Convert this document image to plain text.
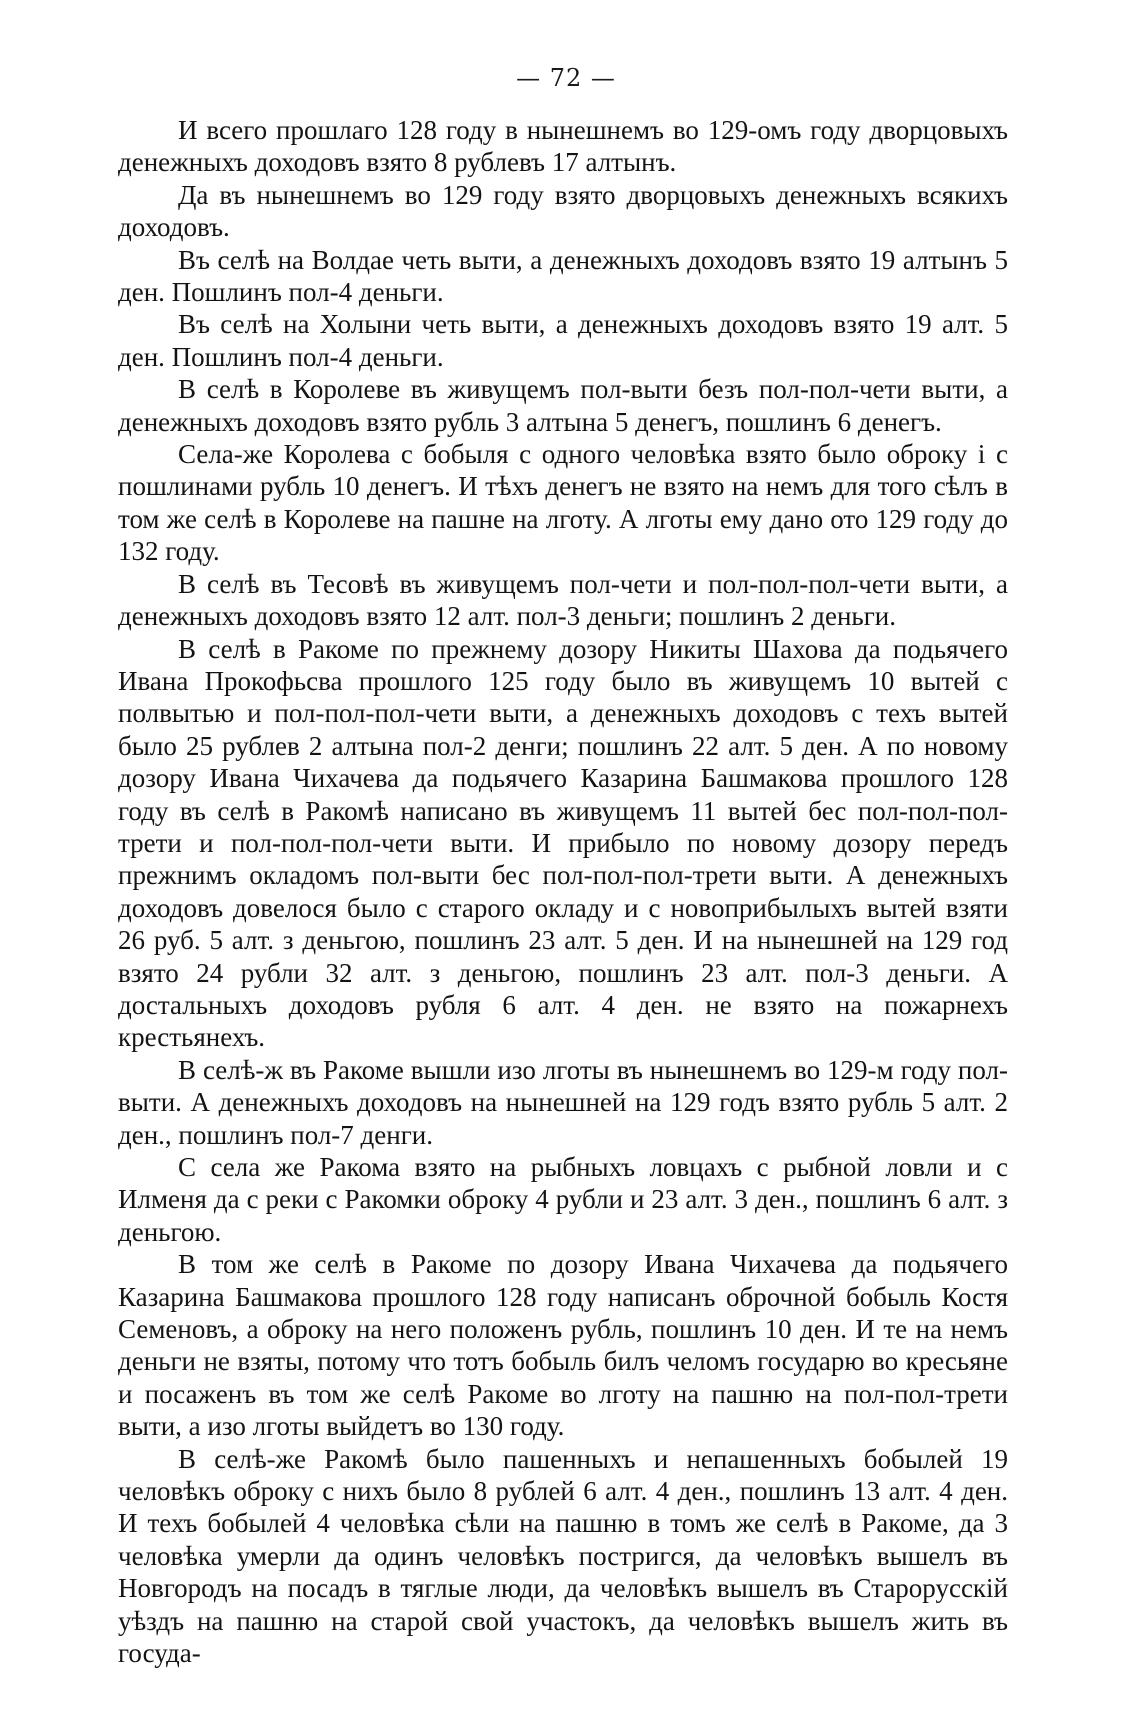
— 72 —

И всего прошлаго 128 году в нынешнемъ во 129-омъ году дворцовыхъ денежныхъ доходовъ взято 8 рублевъ 17 алтынъ.

Да въ нынешнемъ во 129 году взято дворцовыхъ денежныхъ всякихъ доходовъ.

Въ селѣ на Волдае четь выти, а денежныхъ доходовъ взято 19 алтынъ 5 ден. Пошлинъ пол-4 деньги.

Въ селѣ на Холыни четь выти, а денежныхъ доходовъ взято 19 алт. 5 ден. Пошлинъ пол-4 деньги.

В селѣ в Королеве въ живущемъ пол-выти безъ пол-пол-чети выти, а денежныхъ доходовъ взято рубль 3 алтына 5 денегъ, пошлинъ 6 денегъ.

Села-же Королева с бобыля с одного человѣка взято было оброку і с пошлинами рубль 10 денегъ. И тѣхъ денегъ не взято на немъ для того сѣлъ в том же селѣ в Королеве на пашне на лготу. А лготы ему дано ото 129 году до 132 году.

В селѣ въ Тесовѣ въ живущемъ пол-чети и пол-пол-пол-чети выти, а денежныхъ доходовъ взято 12 алт. пол-3 деньги; пошлинъ 2 деньги.

В селѣ в Ракоме по прежнему дозору Никиты Шахова да подьячего Ивана Прокофьсва прошлого 125 году было въ живущемъ 10 вытей с полвытью и пол-пол-пол-чети выти, а денежныхъ доходовъ с техъ вытей было 25 рублев 2 алтына пол-2 денги; пошлинъ 22 алт. 5 ден. А по новому дозору Ивана Чихачева да подьячего Казарина Башмакова прошлого 128 году въ селѣ в Ракомѣ написано въ живущемъ 11 вытей бес пол-пол-пол-трети и пол-пол-пол-чети выти. И прибыло по новому дозору передъ прежнимъ окладомъ пол-выти бес пол-пол-пол-трети выти. А денежныхъ доходовъ довелося было с старого окладу и с новоприбылыхъ вытей взяти 26 руб. 5 алт. з деньгою, пошлинъ 23 алт. 5 ден. И на нынешней на 129 год взято 24 рубли 32 алт. з деньгою, пошлинъ 23 алт. пол-3 деньги. А достальныхъ доходовъ рубля 6 алт. 4 ден. не взято на пожарнехъ крестьянехъ.

В селѣ-ж въ Ракоме вышли изо лготы въ нынешнемъ во 129-м году пол-выти. А денежныхъ доходовъ на нынешней на 129 годъ взято рубль 5 алт. 2 ден., пошлинъ пол-7 денги.

С села же Ракома взято на рыбныхъ ловцахъ с рыбной ловли и с Илменя да с реки с Ракомки оброку 4 рубли и 23 алт. 3 ден., пошлинъ 6 алт. з деньгою.

В том же селѣ в Ракоме по дозору Ивана Чихачева да подьячего Казарина Башмакова прошлого 128 году написанъ оброчной бобыль Костя Семеновъ, а оброку на него положенъ рубль, пошлинъ 10 ден. И те на немъ деньги не взяты, потому что тотъ бобыль билъ челомъ государю во кресьяне и посаженъ въ том же селѣ Ракоме во лготу на пашню на пол-пол-трети выти, а изо лготы выйдетъ во 130 году.

В селѣ-же Ракомѣ было пашенныхъ и непашенныхъ бобылей 19 человѣкъ оброку с нихъ было 8 рублей 6 алт. 4 ден., пошлинъ 13 алт. 4 ден. И техъ бобылей 4 человѣка сѣли на пашню в томъ же селѣ в Ракоме, да 3 человѣка умерли да одинъ человѣкъ постригся, да человѣкъ вышелъ въ Новгородъ на посадъ в тяглые люди, да человѣкъ вышелъ въ Старорусскій уѣздъ на пашню на старой свой участокъ, да человѣкъ вышелъ жить въ госуда-
